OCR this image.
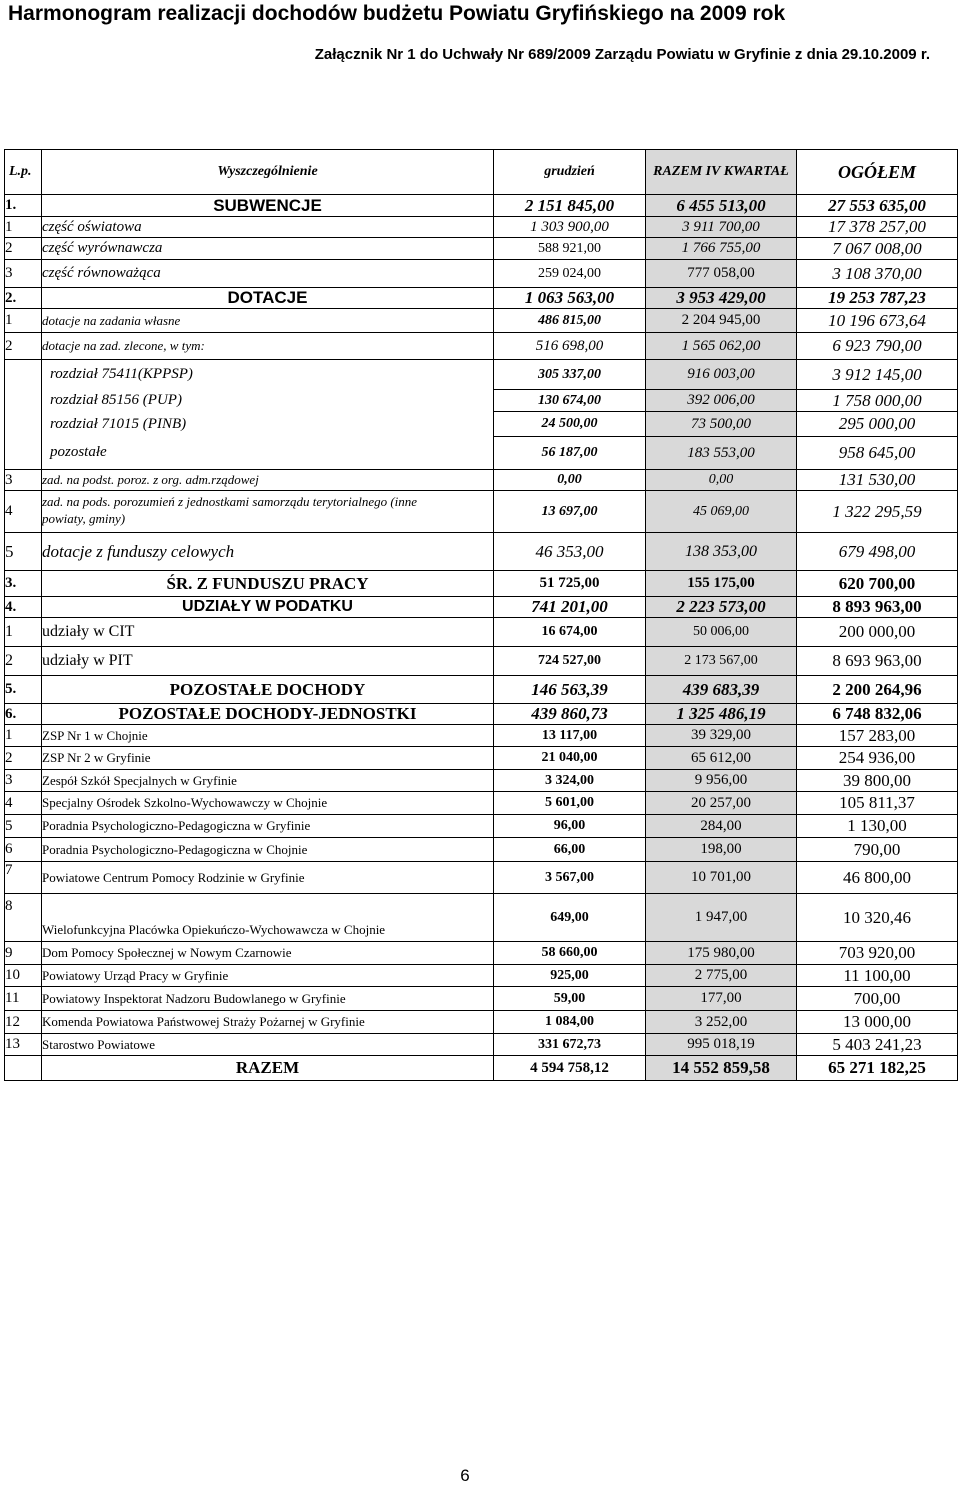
Harmonogram realizacji dochodów budżetu Powiatu Gryfińskiego na 2009 rok
Załącznik Nr 1 do Uchwały Nr 689/2009 Zarządu Powiatu w Gryfinie z dnia 29.10.2009 r.
L.p.	Wyszczególnienie	grudzień	RAZEM IV KWARTAŁ	OGÓŁEM
1.	SUBWENCJE	2 151 845,00	6 455 513,00	27 553 635,00
1	część oświatowa	1 303 900,00	3 911 700,00	17 378 257,00
2	część wyrównawcza	588 921,00	1 766 755,00	7 067 008,00
3	część równoważąca	259 024,00	777 058,00	3 108 370,00
2.	DOTACJE	1 063 563,00	3 953 429,00	19 253 787,23
1	dotacje na zadania własne	486 815,00	2 204 945,00	10 196 673,64
2	dotacje na zad. zlecone, w tym:	516 698,00	1 565 062,00	6 923 790,00
	rozdział 75411(KPPSP)	305 337,00	916 003,00	3 912 145,00
	rozdział 85156 (PUP)	130 674,00	392 006,00	1 758 000,00
	rozdział 71015 (PINB)	24 500,00	73 500,00	295 000,00
	pozostałe	56 187,00	183 553,00	958 645,00
3	zad. na podst. poroz. z org. adm.rządowej	0,00	0,00	131 530,00
4	zad. na pods. porozumień z jednostkami samorządu terytorialnego (inne powiaty, gminy)	13 697,00	45 069,00	1 322 295,59
5	dotacje z funduszy celowych	46 353,00	138 353,00	679 498,00
3.	ŚR. Z FUNDUSZU PRACY	51 725,00	155 175,00	620 700,00
4.	UDZIAŁY W PODATKU	741 201,00	2 223 573,00	8 893 963,00
1	udziały w CIT	16 674,00	50 006,00	200 000,00
2	udziały w PIT	724 527,00	2 173 567,00	8 693 963,00
5.	POZOSTAŁE DOCHODY	146 563,39	439 683,39	2 200 264,96
6.	POZOSTAŁE DOCHODY-JEDNOSTKI	439 860,73	1 325 486,19	6 748 832,06
1	ZSP Nr 1 w Chojnie	13 117,00	39 329,00	157 283,00
2	ZSP Nr 2 w Gryfinie	21 040,00	65 612,00	254 936,00
3	Zespół Szkół Specjalnych w Gryfinie	3 324,00	9 956,00	39 800,00
4	Specjalny Ośrodek Szkolno-Wychowawczy w Chojnie	5 601,00	20 257,00	105 811,37
5	Poradnia Psychologiczno-Pedagogiczna w Gryfinie	96,00	284,00	1 130,00
6	Poradnia Psychologiczno-Pedagogiczna w Chojnie	66,00	198,00	790,00
7	Powiatowe Centrum Pomocy Rodzinie w Gryfinie	3 567,00	10 701,00	46 800,00
8	Wielofunkcyjna Placówka Opiekuńczo-Wychowawcza w Chojnie	649,00	1 947,00	10 320,46
9	Dom Pomocy Społecznej w Nowym Czarnowie	58 660,00	175 980,00	703 920,00
10	Powiatowy Urząd Pracy w Gryfinie	925,00	2 775,00	11 100,00
11	Powiatowy Inspektorat Nadzoru Budowlanego w Gryfinie	59,00	177,00	700,00
12	Komenda Powiatowa Państwowej Straży Pożarnej w Gryfinie	1 084,00	3 252,00	13 000,00
13	Starostwo Powiatowe	331 672,73	995 018,19	5 403 241,23
	RAZEM	4 594 758,12	14 552 859,58	65 271 182,25
6
